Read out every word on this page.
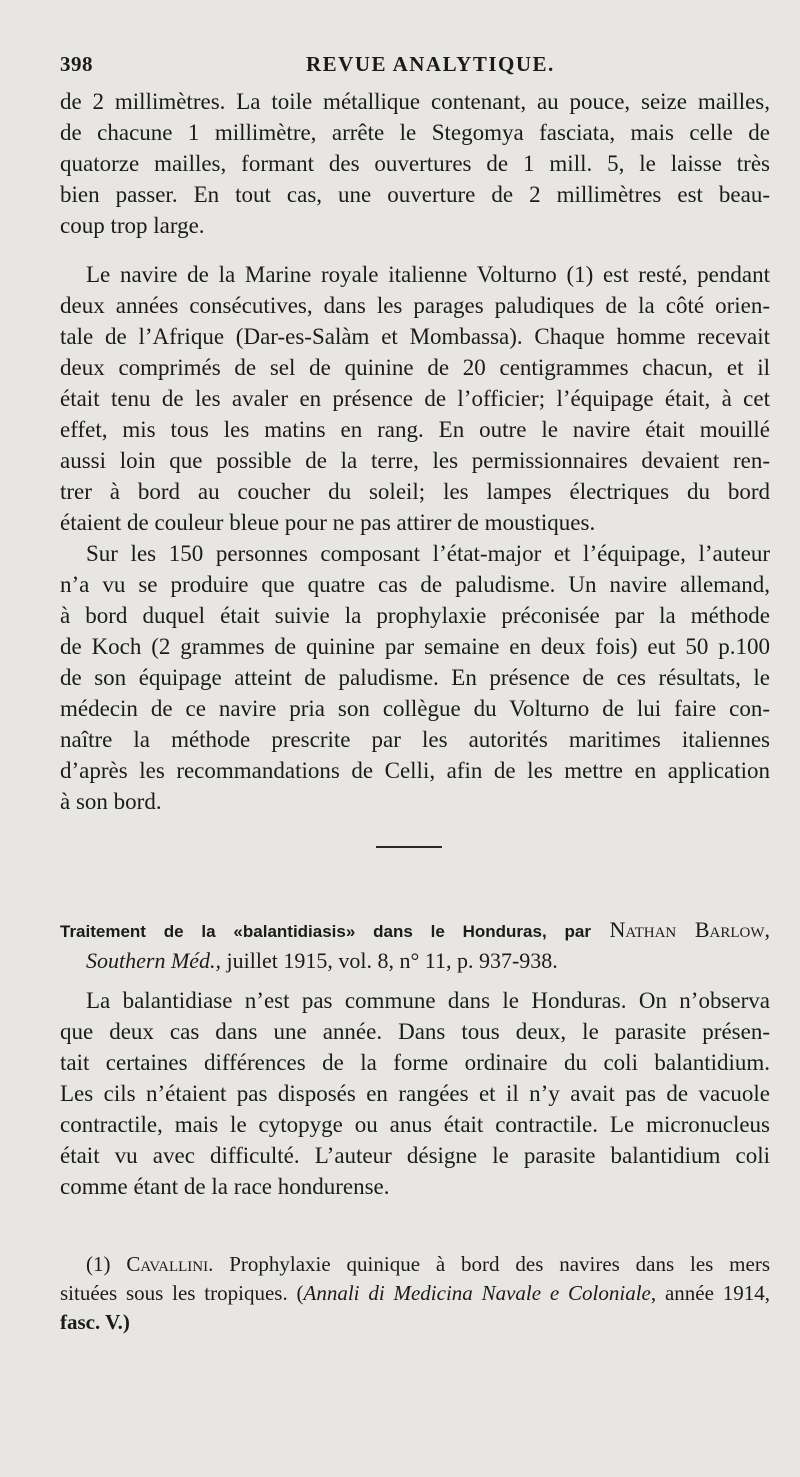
398	REVUE ANALYTIQUE.
de 2 millimètres. La toile métallique contenant, au pouce, seize mailles,
de chacune 1 millimètre, arrête le Stegomya fasciata, mais celle de
quatorze mailles, formant des ouvertures de 1 mill. 5, le laisse très
bien passer. En tout cas, une ouverture de 2 millimètres est beau-
coup trop large.
Le navire de la Marine royale italienne Volturno (1) est resté, pendant
deux années consécutives, dans les parages paludiques de la côté orien-
tale de l’Afrique (Dar-es-Salàm et Mombassa). Chaque homme recevait
deux comprimés de sel de quinine de 20 centigrammes chacun, et il
était tenu de les avaler en présence de l’officier; l’équipage était, à cet
effet, mis tous les matins en rang. En outre le navire était mouillé
aussi loin que possible de la terre, les permissionnaires devaient ren-
trer à bord au coucher du soleil; les lampes électriques du bord
étaient de couleur bleue pour ne pas attirer de moustiques.
Sur les 150 personnes composant l’état-major et l’équipage, l’auteur
n’a vu se produire que quatre cas de paludisme. Un navire allemand,
à bord duquel était suivie la prophylaxie préconisée par la méthode
de Koch (2 grammes de quinine par semaine en deux fois) eut 50 p.100
de son équipage atteint de paludisme. En présence de ces résultats, le
médecin de ce navire pria son collègue du Volturno de lui faire con-
naître la méthode prescrite par les autorités maritimes italiennes
d’après les recommandations de Celli, afin de les mettre en application
à son bord.
Traitement de la «balantidiasis» dans le Honduras, par Nathan Barlow,
Southern Méd., juillet 1915, vol. 8, n° 11, p. 937-938.
La balantidiase n’est pas commune dans le Honduras. On n’observa
que deux cas dans une année. Dans tous deux, le parasite présen-
tait certaines différences de la forme ordinaire du coli balantidium.
Les cils n’étaient pas disposés en rangées et il n’y avait pas de vacuole
contractile, mais le cytopyge ou anus était contractile. Le micronucleus
était vu avec difficulté. L’auteur désigne le parasite balantidium coli
comme étant de la race hondurense.
(1) Cavallini. Prophylaxie quinique à bord des navires dans les mers
situées sous les tropiques. (Annali di Medicina Navale e Coloniale, année 1914,
fasc. V.)
